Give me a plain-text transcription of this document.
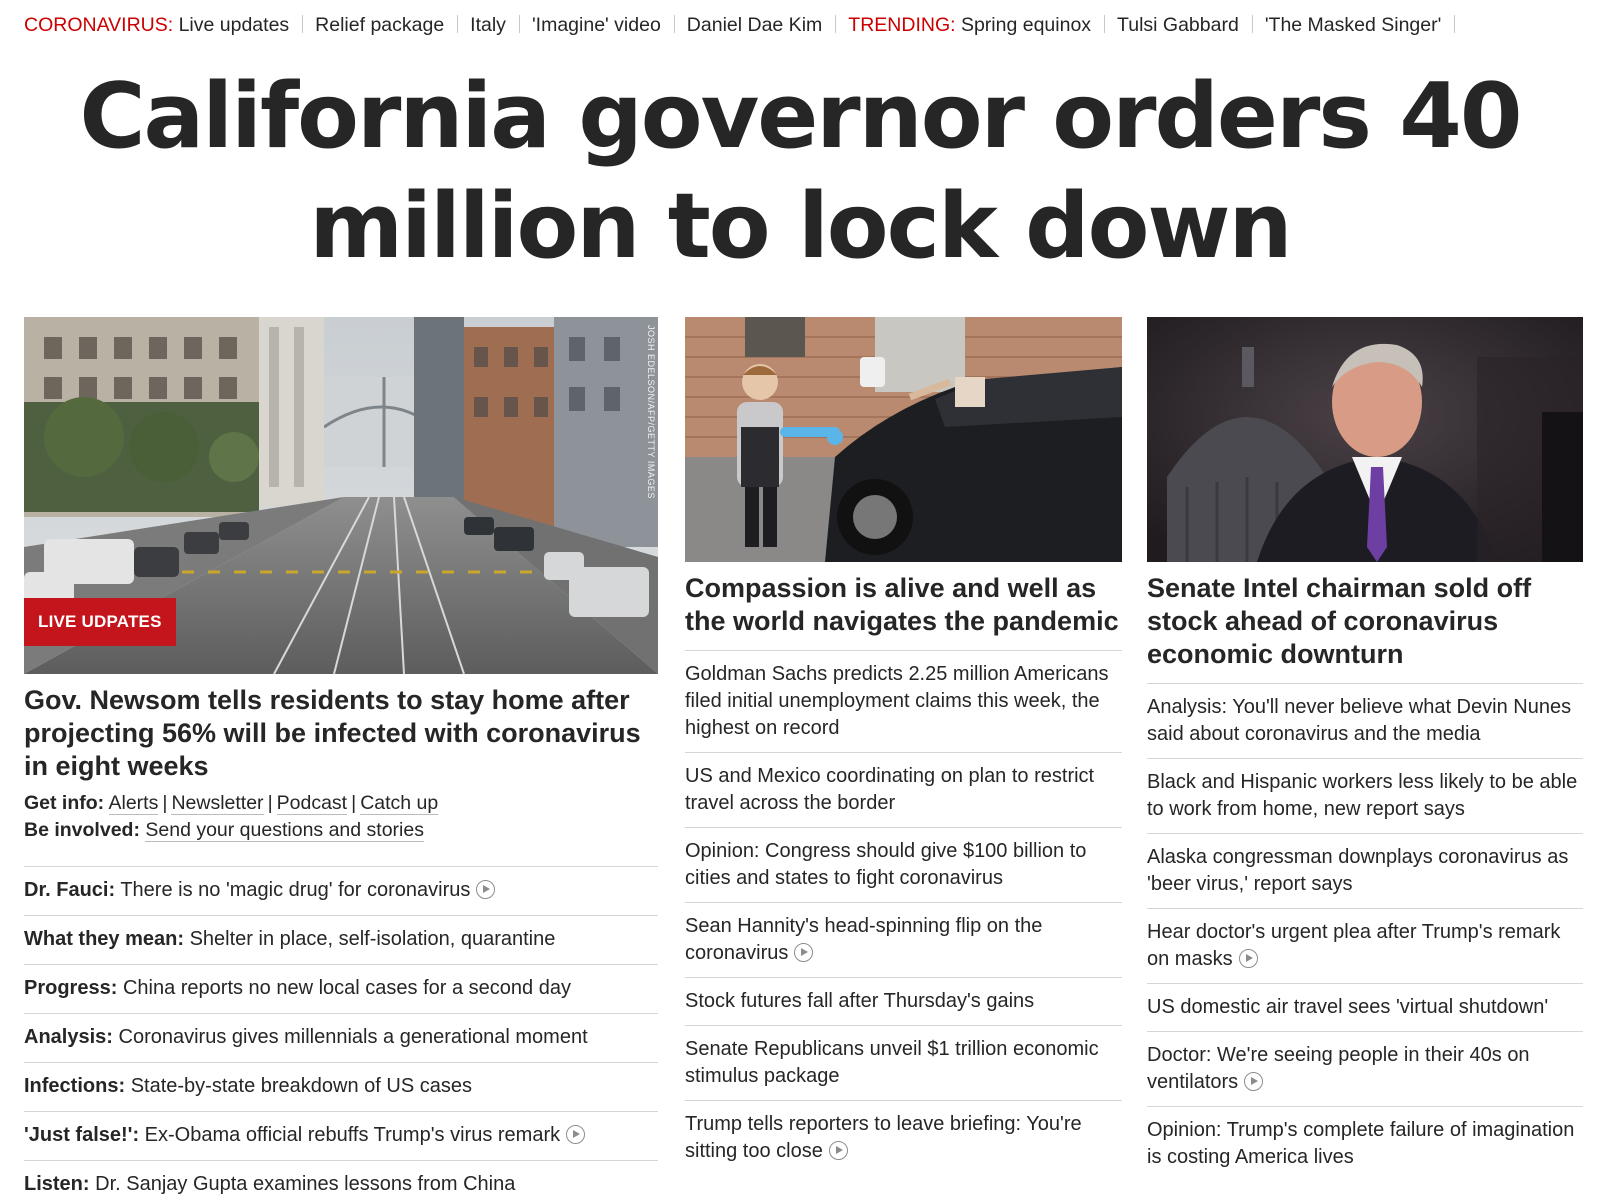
CORONAVIRUS: Live updates Relief package Italy 'Imagine' video Daniel Dae Kim TRENDING: Spring equinox Tulsi Gabbard 'The Masked Singer'
California governor orders 40 million to lock down
LIVE UDPATES
JOSH EDELSON/AFP/GETTY IMAGES
Gov. Newsom tells residents to stay home after projecting 56% will be infected with coronavirus in eight weeks
Get info: Alerts | Newsletter | Podcast | Catch up
Be involved: Send your questions and stories
Dr. Fauci: There is no 'magic drug' for coronavirus
What they mean: Shelter in place, self-isolation, quarantine
Progress: China reports no new local cases for a second day
Analysis: Coronavirus gives millennials a generational moment
Infections: State-by-state breakdown of US cases
'Just false!': Ex-Obama official rebuffs Trump's virus remark
Listen: Dr. Sanjay Gupta examines lessons from China
Compassion is alive and well as the world navigates the pandemic
Goldman Sachs predicts 2.25 million Americans filed initial unemployment claims this week, the highest on record
US and Mexico coordinating on plan to restrict travel across the border
Opinion: Congress should give $100 billion to cities and states to fight coronavirus
Sean Hannity's head-spinning flip on the coronavirus
Stock futures fall after Thursday's gains
Senate Republicans unveil $1 trillion economic stimulus package
Trump tells reporters to leave briefing: You're sitting too close
Senate Intel chairman sold off stock ahead of coronavirus economic downturn
Analysis: You'll never believe what Devin Nunes said about coronavirus and the media
Black and Hispanic workers less likely to be able to work from home, new report says
Alaska congressman downplays coronavirus as 'beer virus,' report says
Hear doctor's urgent plea after Trump's remark on masks
US domestic air travel sees 'virtual shutdown'
Doctor: We're seeing people in their 40s on ventilators
Opinion: Trump's complete failure of imagination is costing America lives
